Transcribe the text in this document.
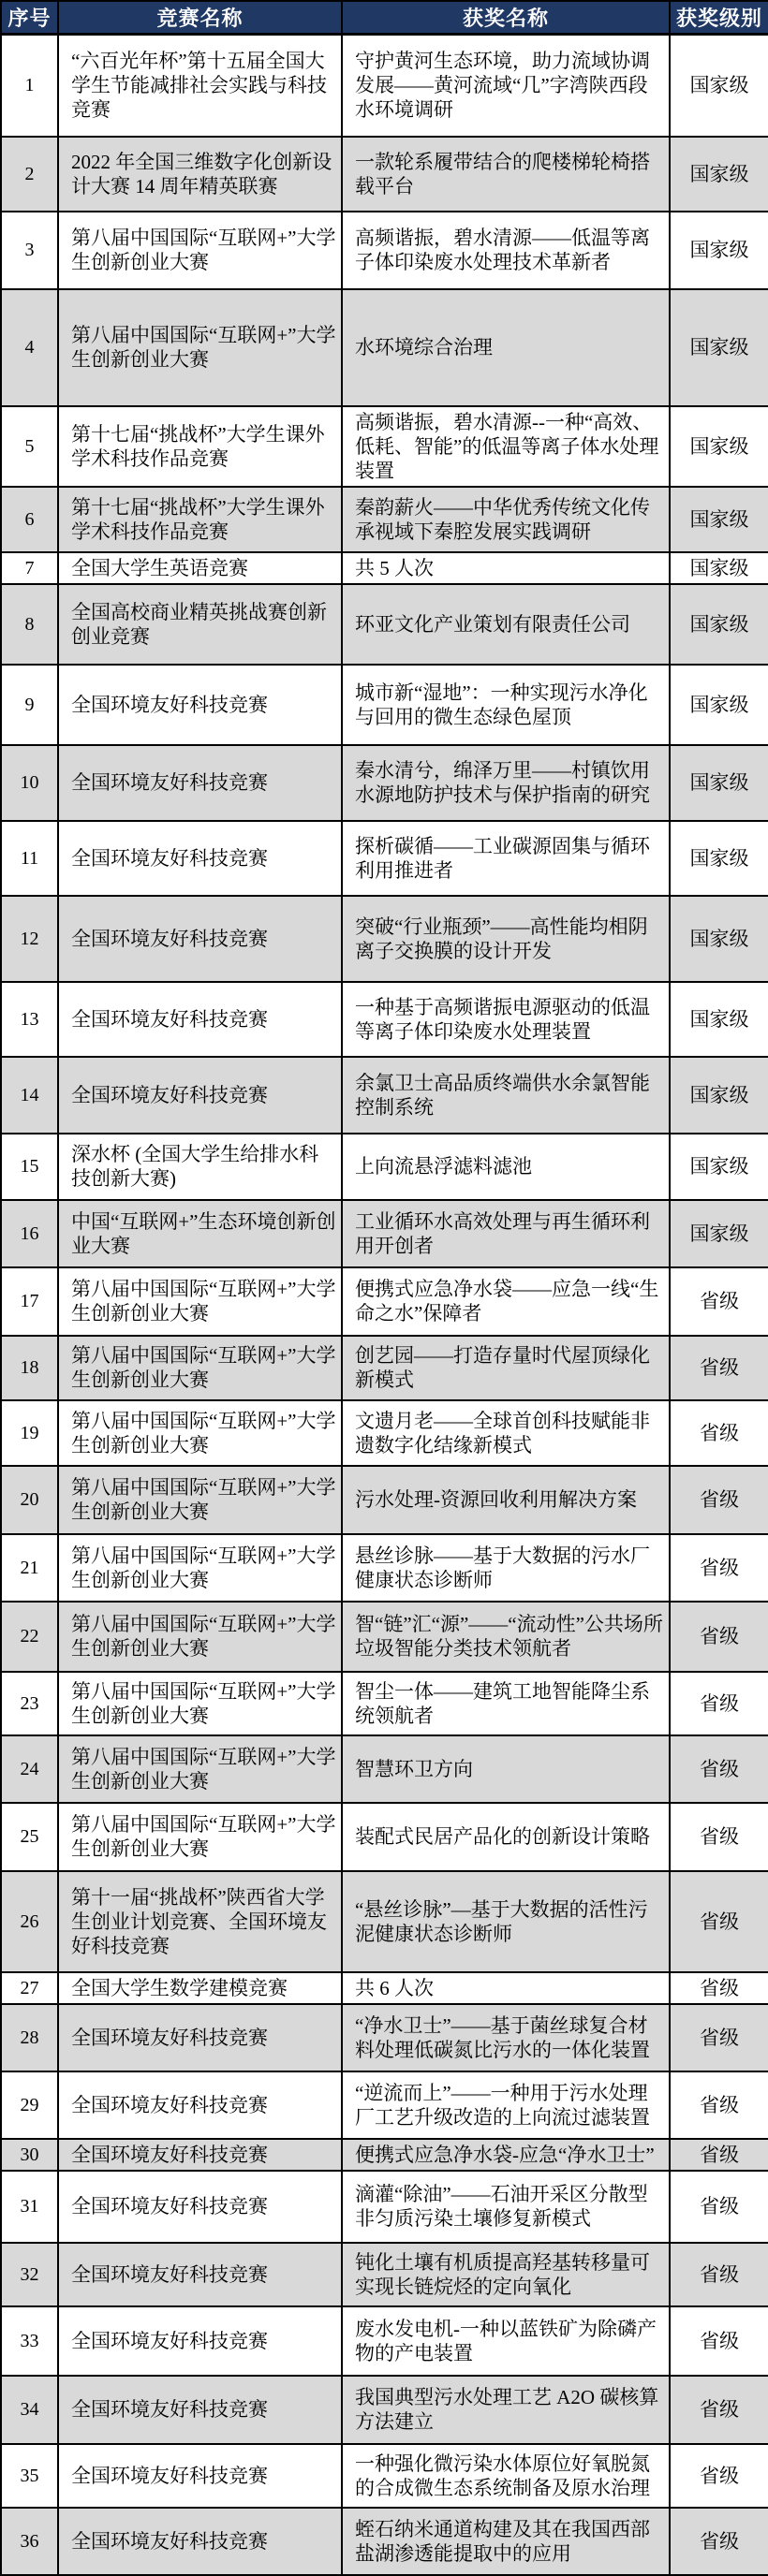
序号	竞赛名称	获奖名称	获奖级别
1	“六百光年杯”第十五届全国大学生节能减排社会实践与科技竞赛	守护黄河生态环境，助力流域协调发展——黄河流域“几”字湾陕西段水环境调研	国家级
2	2022 年全国三维数字化创新设计大赛 14 周年精英联赛	一款轮系履带结合的爬楼梯轮椅搭载平台	国家级
3	第八届中国国际“互联网+”大学生创新创业大赛	高频谐振，碧水清源——低温等离子体印染废水处理技术革新者	国家级
4	第八届中国国际“互联网+”大学生创新创业大赛	水环境综合治理	国家级
5	第十七届“挑战杯”大学生课外学术科技作品竞赛	高频谐振，碧水清源--一种“高效、低耗、智能”的低温等离子体水处理装置	国家级
6	第十七届“挑战杯”大学生课外学术科技作品竞赛	秦韵薪火——中华优秀传统文化传承视域下秦腔发展实践调研	国家级
7	全国大学生英语竞赛	共 5 人次	国家级
8	全国高校商业精英挑战赛创新创业竞赛	环亚文化产业策划有限责任公司	国家级
9	全国环境友好科技竞赛	城市新“湿地”：一种实现污水净化与回用的微生态绿色屋顶	国家级
10	全国环境友好科技竞赛	秦水清兮，绵泽万里——村镇饮用水源地防护技术与保护指南的研究	国家级
11	全国环境友好科技竞赛	探析碳循——工业碳源固集与循环利用推进者	国家级
12	全国环境友好科技竞赛	突破“行业瓶颈”——高性能均相阴离子交换膜的设计开发	国家级
13	全国环境友好科技竞赛	一种基于高频谐振电源驱动的低温等离子体印染废水处理装置	国家级
14	全国环境友好科技竞赛	余氯卫士高品质终端供水余氯智能控制系统	国家级
15	深水杯 (全国大学生给排水科技创新大赛)	上向流悬浮滤料滤池	国家级
16	中国“互联网+”生态环境创新创业大赛	工业循环水高效处理与再生循环利用开创者	国家级
17	第八届中国国际“互联网+”大学生创新创业大赛	便携式应急净水袋——应急一线“生命之水”保障者	省级
18	第八届中国国际“互联网+”大学生创新创业大赛	创艺园——打造存量时代屋顶绿化新模式	省级
19	第八届中国国际“互联网+”大学生创新创业大赛	文遗月老——全球首创科技赋能非遗数字化结缘新模式	省级
20	第八届中国国际“互联网+”大学生创新创业大赛	污水处理-资源回收利用解决方案	省级
21	第八届中国国际“互联网+”大学生创新创业大赛	悬丝诊脉——基于大数据的污水厂健康状态诊断师	省级
22	第八届中国国际“互联网+”大学生创新创业大赛	智“链”汇“源”——“流动性”公共场所垃圾智能分类技术领航者	省级
23	第八届中国国际“互联网+”大学生创新创业大赛	智尘一体——建筑工地智能降尘系统领航者	省级
24	第八届中国国际“互联网+”大学生创新创业大赛	智慧环卫方向	省级
25	第八届中国国际“互联网+”大学生创新创业大赛	装配式民居产品化的创新设计策略	省级
26	第十一届“挑战杯”陕西省大学生创业计划竞赛、全国环境友好科技竞赛	“悬丝诊脉”—基于大数据的活性污泥健康状态诊断师	省级
27	全国大学生数学建模竞赛	共 6 人次	省级
28	全国环境友好科技竞赛	“净水卫士”——基于菌丝球复合材料处理低碳氮比污水的一体化装置	省级
29	全国环境友好科技竞赛	“逆流而上”——一种用于污水处理厂工艺升级改造的上向流过滤装置	省级
30	全国环境友好科技竞赛	便携式应急净水袋-应急“净水卫士”	省级
31	全国环境友好科技竞赛	滴灌“除油”——石油开采区分散型非匀质污染土壤修复新模式	省级
32	全国环境友好科技竞赛	钝化土壤有机质提高羟基转移量可实现长链烷烃的定向氧化	省级
33	全国环境友好科技竞赛	废水发电机-一种以蓝铁矿为除磷产物的产电装置	省级
34	全国环境友好科技竞赛	我国典型污水处理工艺 A2O 碳核算方法建立	省级
35	全国环境友好科技竞赛	一种强化微污染水体原位好氧脱氮的合成微生态系统制备及原水治理	省级
36	全国环境友好科技竞赛	蛭石纳米通道构建及其在我国西部盐湖渗透能提取中的应用	省级
